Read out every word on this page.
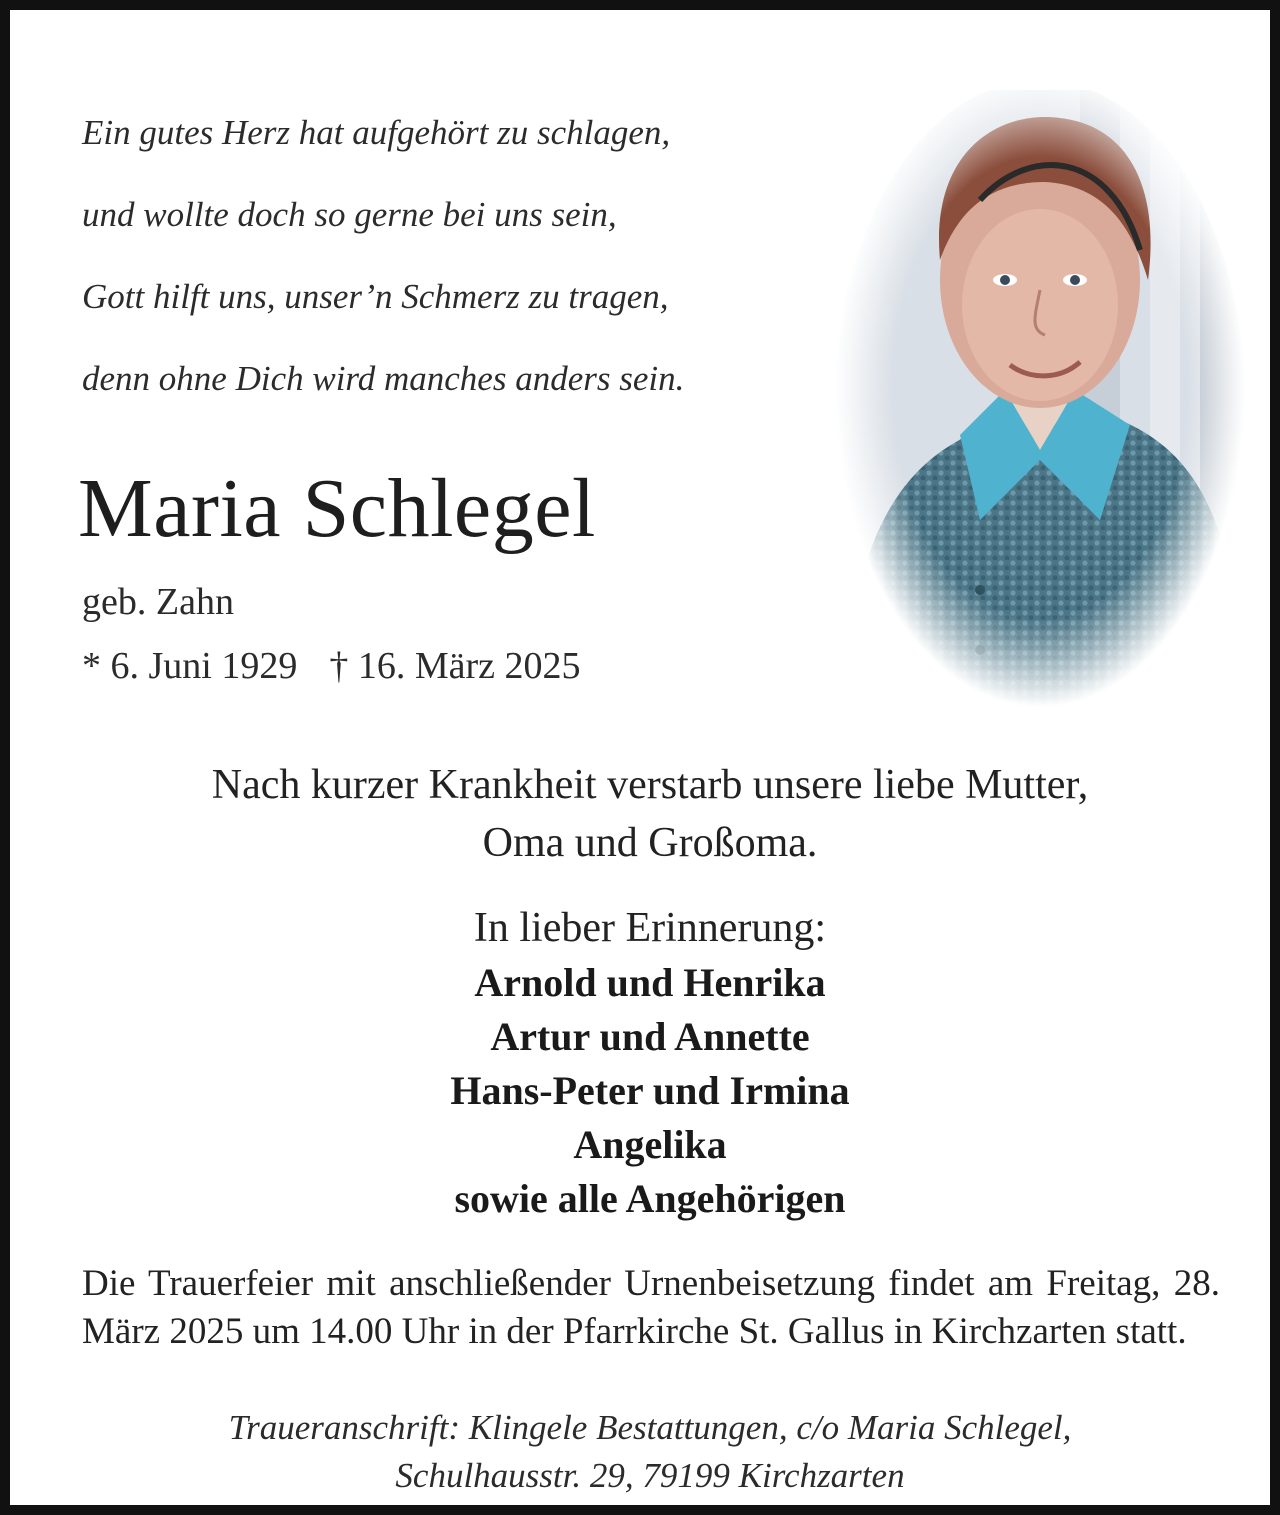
Ein gutes Herz hat aufgehört zu schlagen,
und wollte doch so gerne bei uns sein,
Gott hilft uns, unser’n Schmerz zu tragen,
denn ohne Dich wird manches anders sein.
Maria Schlegel
geb. Zahn
* 6. Juni 1929 † 16. März 2025
Nach kurzer Krankheit verstarb unsere liebe Mutter,
Oma und Großoma.
In lieber Erinnerung:
Arnold und Henrika
Artur und Annette
Hans-Peter und Irmina
Angelika
sowie alle Angehörigen
Die Trauerfeier mit anschließender Urnenbeisetzung findet am Freitag, 28. März 2025 um 14.00 Uhr in der Pfarrkirche St. Gallus in Kirchzarten statt.
Traueranschrift: Klingele Bestattungen, c/o Maria Schlegel,
Schulhausstr. 29, 79199 Kirchzarten
